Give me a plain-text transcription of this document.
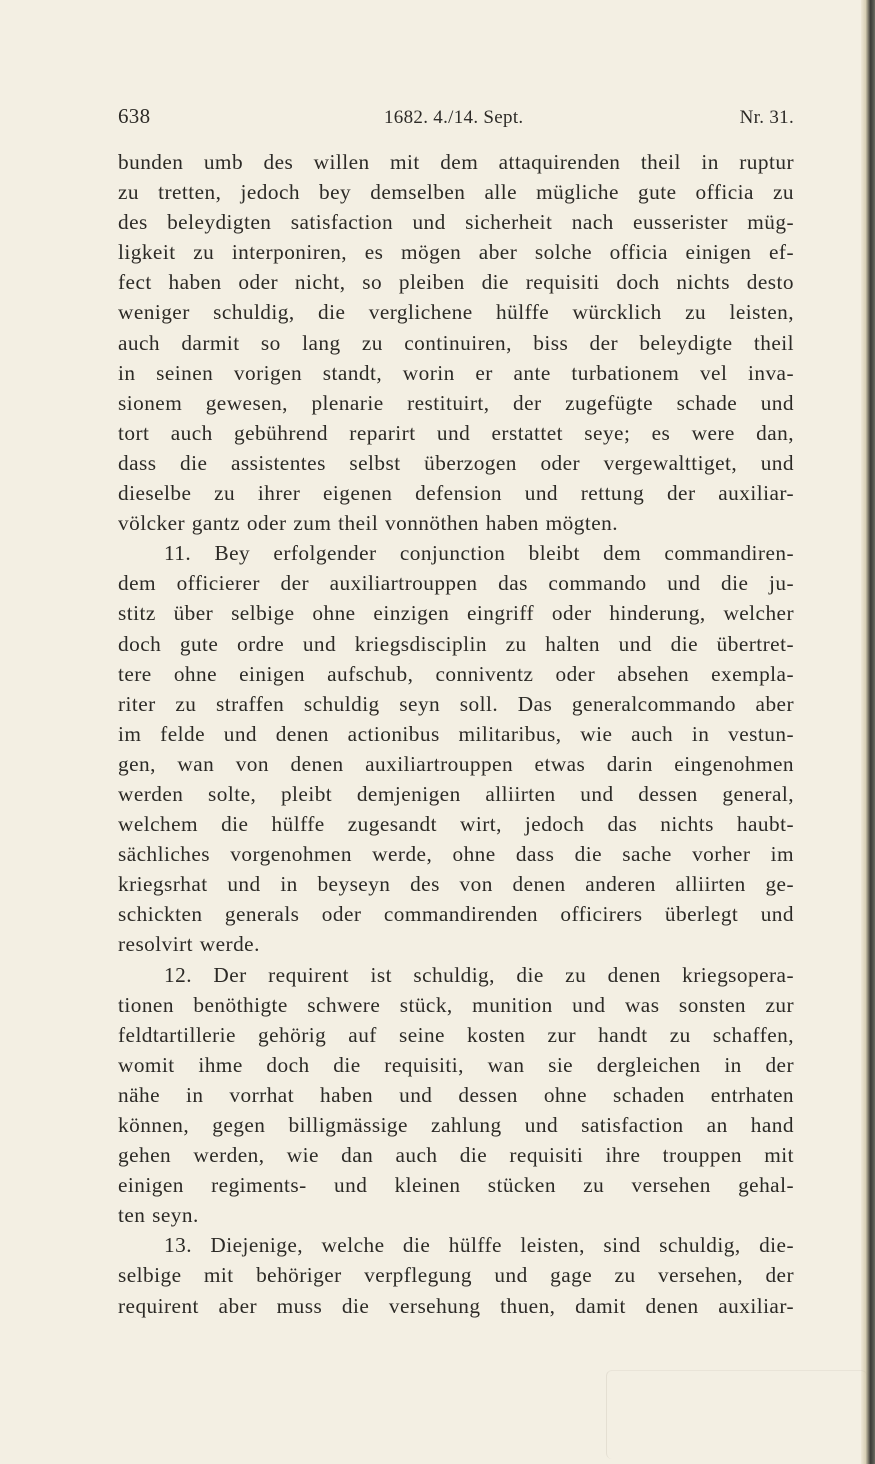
638	1682. 4./14. Sept.	Nr. 31.
bunden umb des willen mit dem attaquirenden theil in ruptur
zu tretten, jedoch bey demselben alle mügliche gute officia zu
des beleydigten satisfaction und sicherheit nach eusserister müg-
ligkeit zu interponiren, es mögen aber solche officia einigen ef-
fect haben oder nicht, so pleiben die requisiti doch nichts desto
weniger schuldig, die verglichene hülffe würcklich zu leisten,
auch darmit so lang zu continuiren, biss der beleydigte theil
in seinen vorigen standt, worin er ante turbationem vel inva-
sionem gewesen, plenarie restituirt, der zugefügte schade und
tort auch gebührend reparirt und erstattet seye; es were dan,
dass die assistentes selbst überzogen oder vergewalttiget, und
dieselbe zu ihrer eigenen defension und rettung der auxiliar-
völcker gantz oder zum theil vonnöthen haben mögten.
11. Bey erfolgender conjunction bleibt dem commandiren-
dem officierer der auxiliartrouppen das commando und die ju-
stitz über selbige ohne einzigen eingriff oder hinderung, welcher
doch gute ordre und kriegsdisciplin zu halten und die übertret-
tere ohne einigen aufschub, conniventz oder absehen exempla-
riter zu straffen schuldig seyn soll. Das generalcommando aber
im felde und denen actionibus militaribus, wie auch in vestun-
gen, wan von denen auxiliartrouppen etwas darin eingenohmen
werden solte, pleibt demjenigen alliirten und dessen general,
welchem die hülffe zugesandt wirt, jedoch das nichts haubt-
sächliches vorgenohmen werde, ohne dass die sache vorher im
kriegsrhat und in beyseyn des von denen anderen alliirten ge-
schickten generals oder commandirenden officirers überlegt und
resolvirt werde.
12. Der requirent ist schuldig, die zu denen kriegsopera-
tionen benöthigte schwere stück, munition und was sonsten zur
feldtartillerie gehörig auf seine kosten zur handt zu schaffen,
womit ihme doch die requisiti, wan sie dergleichen in der
nähe in vorrhat haben und dessen ohne schaden entrhaten
können, gegen billigmässige zahlung und satisfaction an hand
gehen werden, wie dan auch die requisiti ihre trouppen mit
einigen regiments- und kleinen stücken zu versehen gehal-
ten seyn.
13. Diejenige, welche die hülffe leisten, sind schuldig, die-
selbige mit behöriger verpflegung und gage zu versehen, der
requirent aber muss die versehung thuen, damit denen auxiliar-
